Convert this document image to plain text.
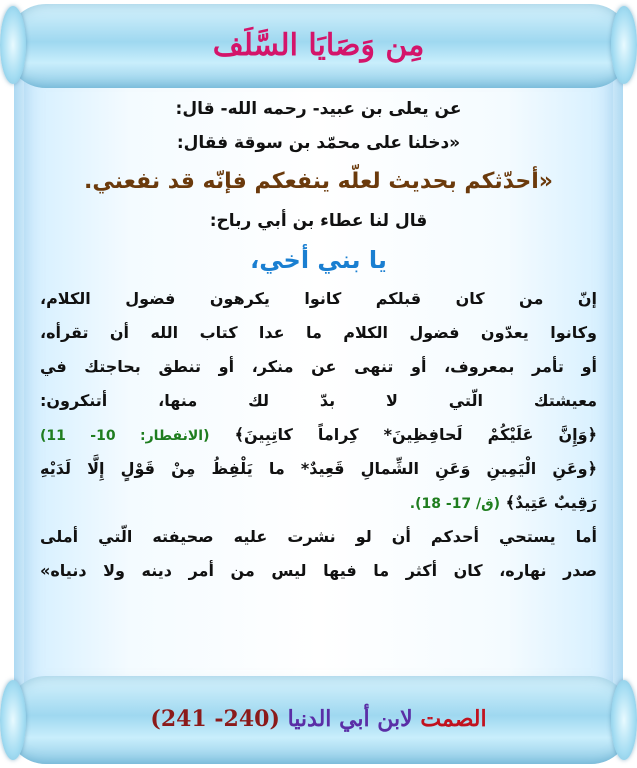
مِن وَصَايَا السَّلَف
عن يعلى بن عبيد- رحمه الله- قال:
«دخلنا على محمّد بن سوقة فقال:
«أحدّثكم بحديث لعلّه ينفعكم فإنّه قد نفعني.
قال لنا عطاء بن أبي رباح:
يا بني أخي،
إنّ من كان قبلكم كانوا يكرهون فضول الكلام،
وكانوا يعدّون فضول الكلام ما عدا كتاب الله أن تقرأه،
أو تأمر بمعروف، أو تنهى عن منكر، أو تنطق بحاجتك في
معيشتك الّتي لا بدّ لك منها، أتنكرون:
﴿وَإِنَّ عَلَيْكُمْ لَحافِظِينَ* كِراماً كاتِبِينَ﴾ (الانفطار: 10- 11)
﴿وعَنِ الْيَمِينِ وَعَنِ الشِّمالِ قَعِيدٌ* ما يَلْفِظُ مِنْ قَوْلٍ إِلَّا لَدَيْهِ
رَقِيبٌ عَتِيدٌ﴾ (ق/ 17- 18).
أما يستحي أحدكم أن لو نشرت عليه صحيفته الّتي أملى
صدر نهاره، كان أكثر ما فيها ليس من أمر دينه ولا دنياه»
الصمت لابن أبي الدنيا (240- 241)
